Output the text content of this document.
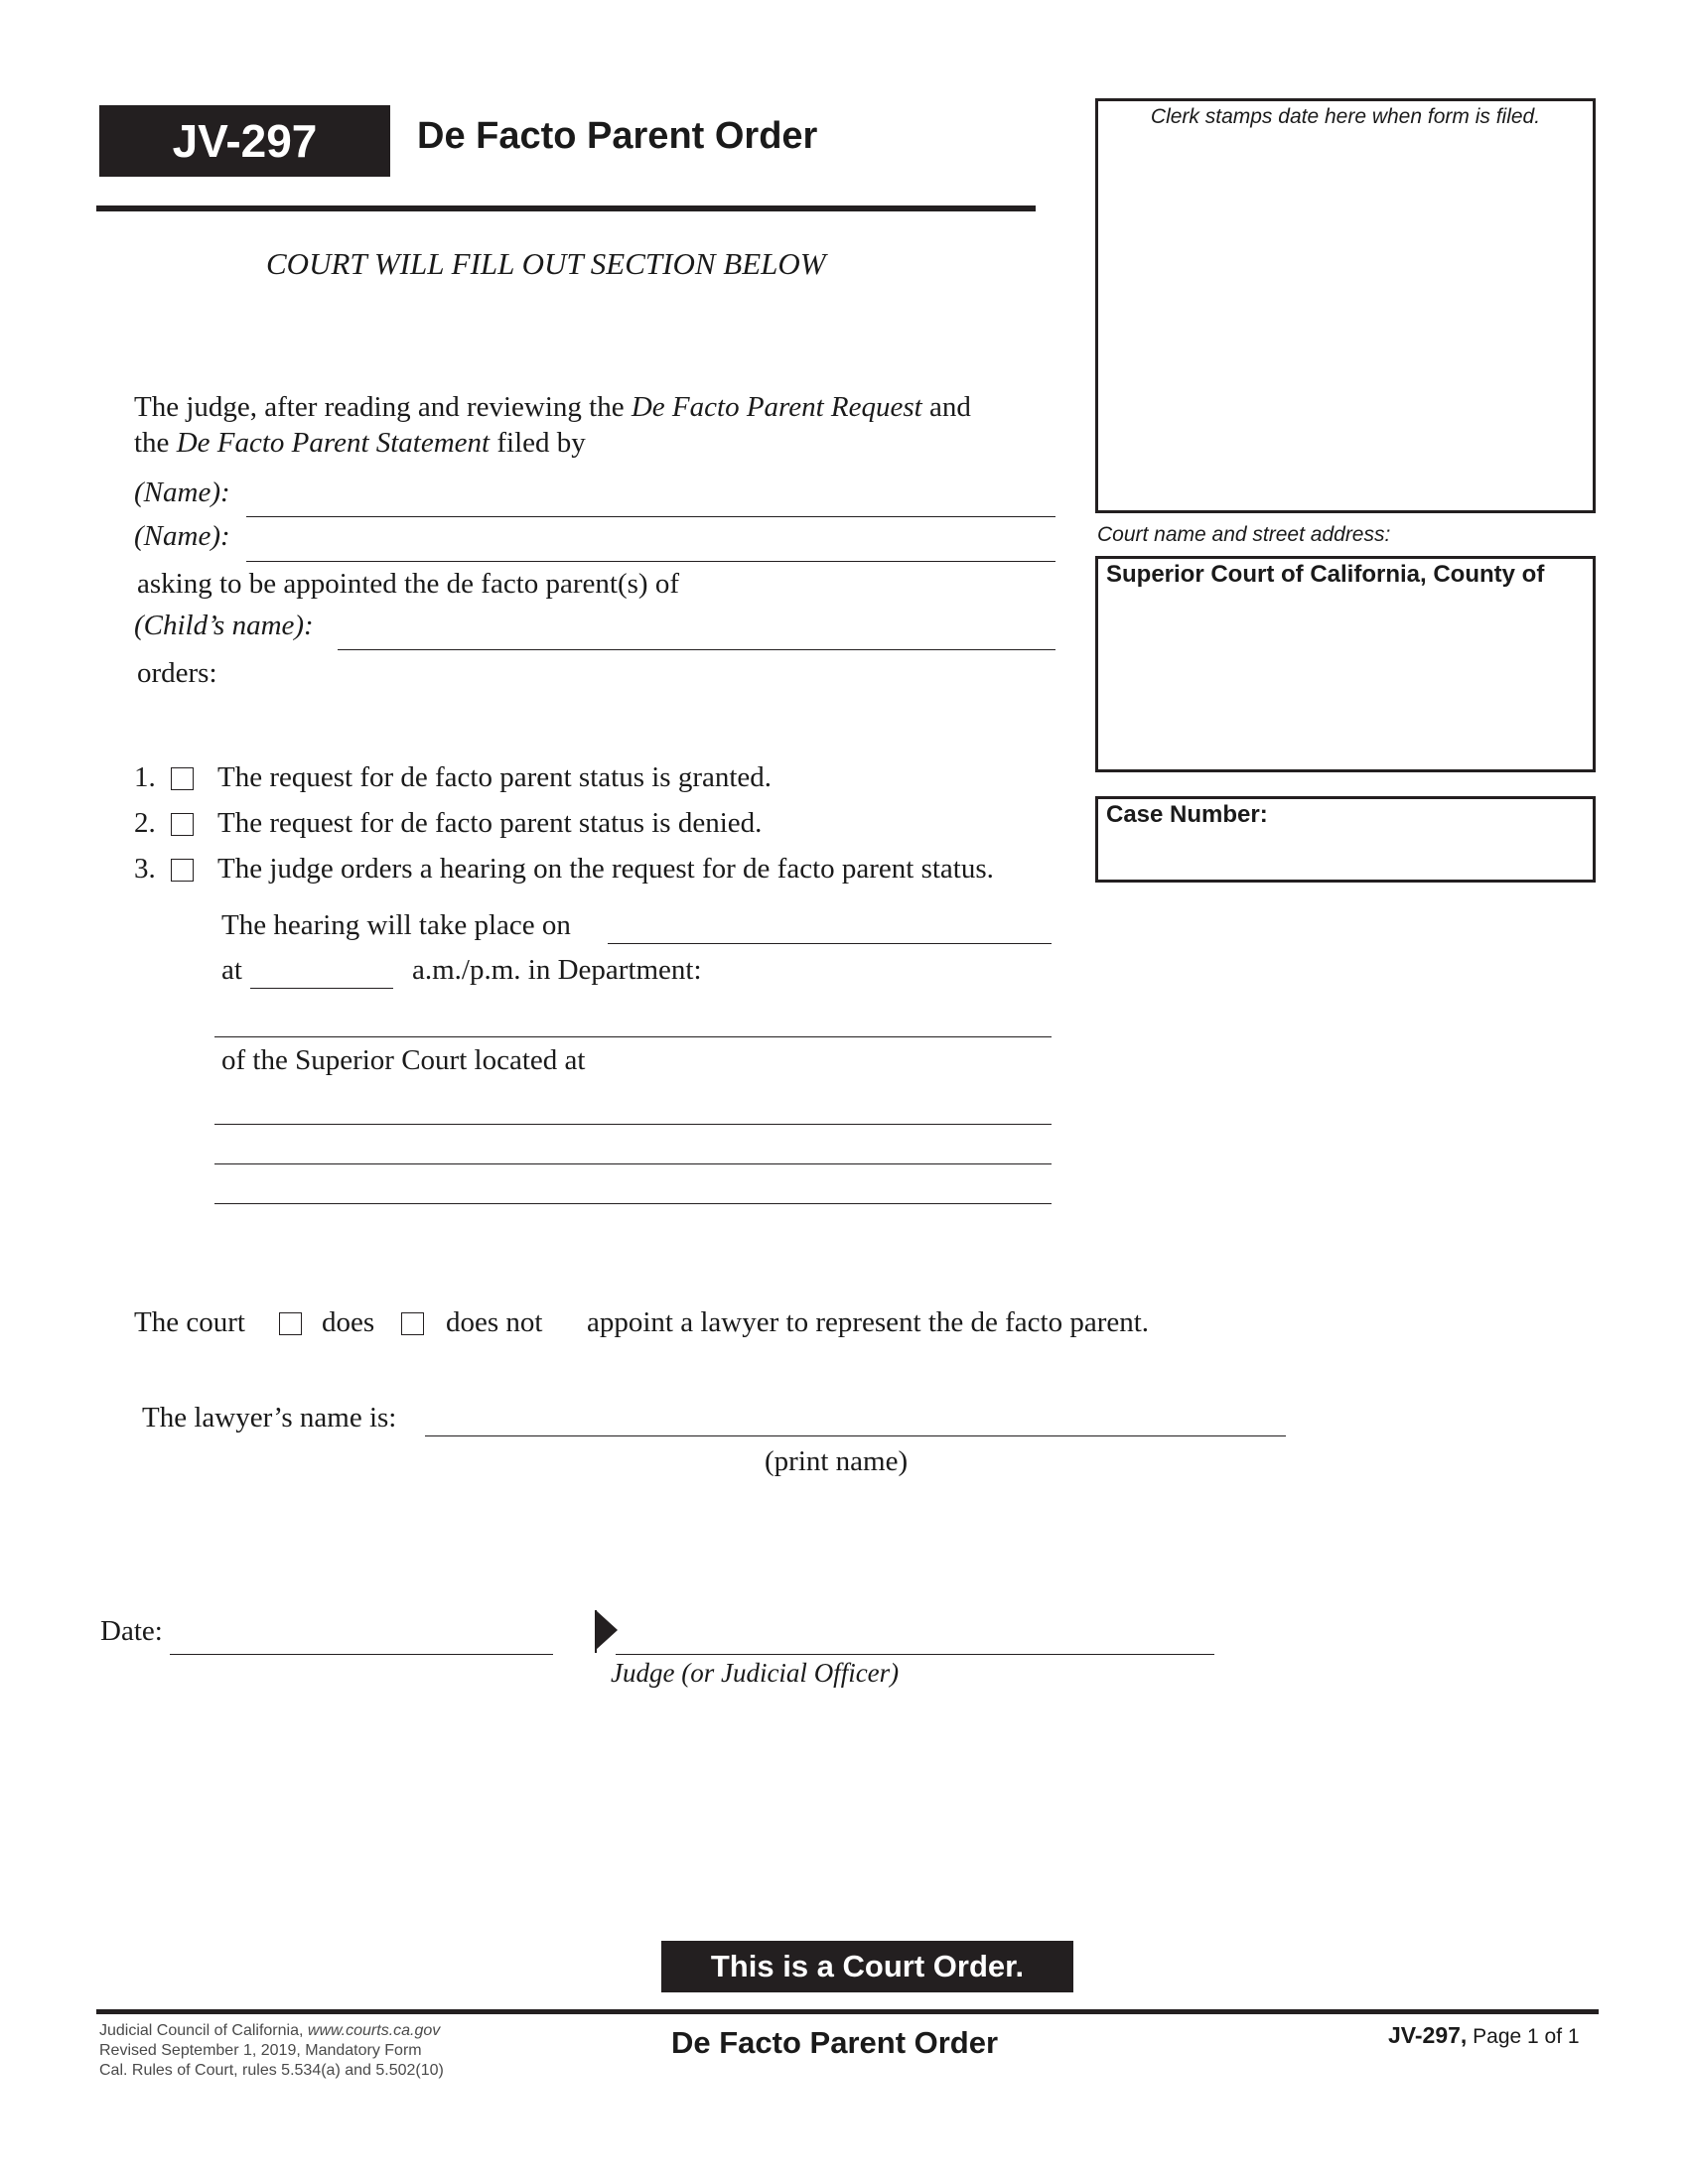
JV-297	De Facto Parent Order	Clerk stamps date here when form is filed.
Court name and street address:
Superior Court of California, County of
Case Number:
COURT WILL FILL OUT SECTION BELOW
The judge, after reading and reviewing the De Facto Parent Request and
the De Facto Parent Statement filed by
(Name):
(Name):
asking to be appointed the de facto parent(s) of
(Child’s name):
orders:
1. The request for de facto parent status is granted.
2. The request for de facto parent status is denied.
3. The judge orders a hearing on the request for de facto parent status.
The hearing will take place on
at	a.m./p.m. in Department:
of the Superior Court located at
The court	does does not appoint a lawyer to represent the de facto parent.
The lawyer’s name is:
(print name)
Date:
Judge (or Judicial Officer)
This is a Court Order.
Judicial Council of California, www.courts.ca.gov
Revised September 1, 2019, Mandatory Form
Cal. Rules of Court, rules 5.534(a) and 5.502(10)
De Facto Parent Order	JV-297, Page 1 of 1
